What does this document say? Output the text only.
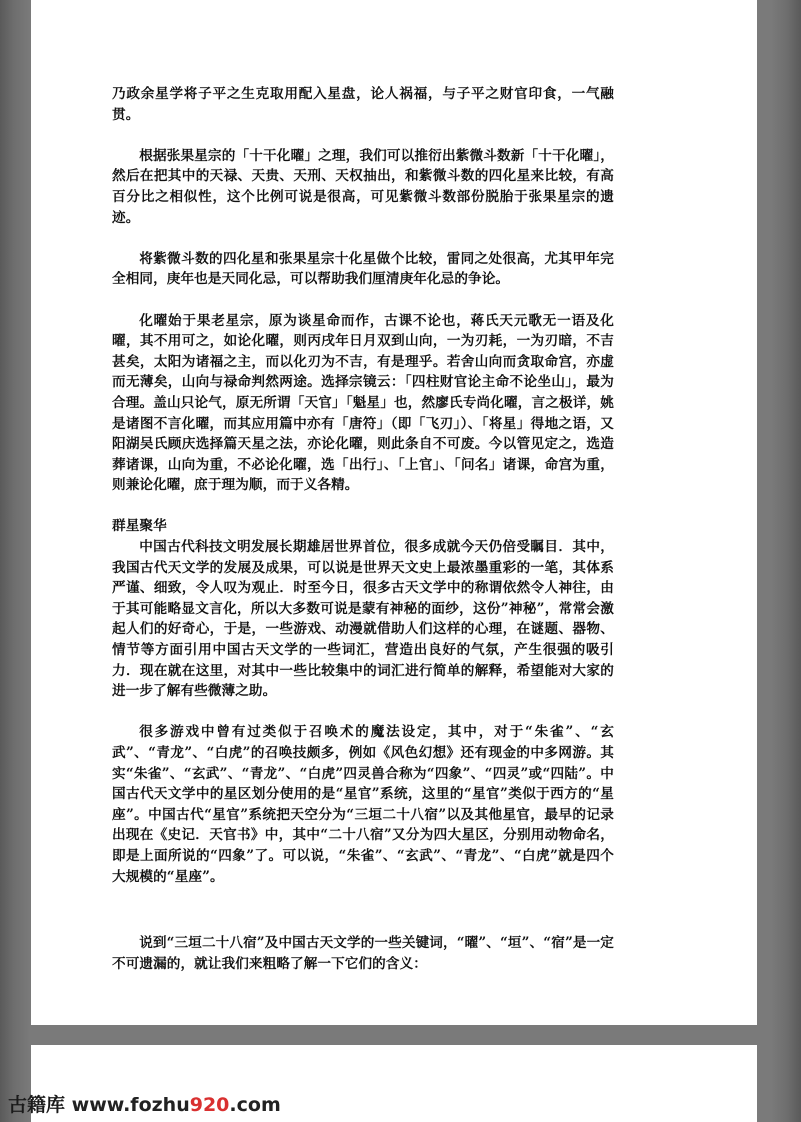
乃政余星学将子平之生克取用配入星盘，论人祸福，与子平之财官印食，一气融贯。

根据张果星宗的「十干化曜」之理，我们可以推衍出紫微斗数新「十干化曜」，然后在把其中的天禄、天贵、天刑、天权抽出，和紫微斗数的四化星来比较，有高百分比之相似性，这个比例可说是很高，可见紫微斗数部份脱胎于张果星宗的遗迹。

将紫微斗数的四化星和张果星宗十化星做个比较，雷同之处很高，尤其甲年完全相同，庚年也是天同化忌，可以帮助我们厘清庚年化忌的争论。

化曜始于果老星宗，原为谈星命而作，古课不论也，蒋氏天元歌无一语及化曜，其不用可之，如论化曜，则丙戌年日月双到山向，一为刃耗，一为刃暗，不吉甚矣，太阳为诸福之主，而以化刃为不吉，有是理乎。若舍山向而贪取命宫，亦虚而无薄矣，山向与禄命判然两途。选择宗镜云：「四柱财官论主命不论坐山」，最为合理。盖山只论气，原无所谓「天官」「魁星」也，然廖氏专尚化曜，言之极详，姚是诸图不言化曜，而其应用篇中亦有「唐符」（即「飞刃」）、「将星」得地之语，又阳湖吴氏顾庆选择篇天星之法，亦论化曜，则此条自不可废。今以管见定之，选造葬诸课，山向为重，不必论化曜，选「出行」、「上官」、「问名」诸课，命宫为重，则兼论化曜，庶于理为顺，而于义各精。

群星聚华

中国古代科技文明发展长期雄居世界首位，很多成就今天仍倍受瞩目．其中，我国古代天文学的发展及成果，可以说是世界天文史上最浓墨重彩的一笔，其体系严谨、细致，令人叹为观止．时至今日，很多古天文学中的称谓依然令人神往，由于其可能略显文言化，所以大多数可说是蒙有神秘的面纱，这份”神秘”，常常会激起人们的好奇心，于是，一些游戏、动漫就借助人们这样的心理，在谜题、器物、情节等方面引用中国古天文学的一些词汇，营造出良好的气氛，产生很强的吸引力．现在就在这里，对其中一些比较集中的词汇进行简单的解释，希望能对大家的进一步了解有些微薄之助。

很多游戏中曾有过类似于召唤术的魔法设定，其中，对于“朱雀”、“玄武”、“青龙”、“白虎”的召唤技颇多，例如《风色幻想》还有现金的中多网游。其实“朱雀”、“玄武”、“青龙”、“白虎”四灵兽合称为“四象”、“四灵”或“四陆”。中国古代天文学中的星区划分使用的是“星官”系统，这里的“星官”类似于西方的“星座”。中国古代“星官”系统把天空分为“三垣二十八宿”以及其他星官，最早的记录出现在《史记．天官书》中，其中“二十八宿”又分为四大星区，分别用动物命名，即是上面所说的“四象”了。可以说，“朱雀”、“玄武”、“青龙”、“白虎”就是四个大规模的“星座”。

说到“三垣二十八宿”及中国古天文学的一些关键词，“曜”、“垣”、“宿”是一定不可遗漏的，就让我们来粗略了解一下它们的含义：

古籍库 www.fozhu920.com
